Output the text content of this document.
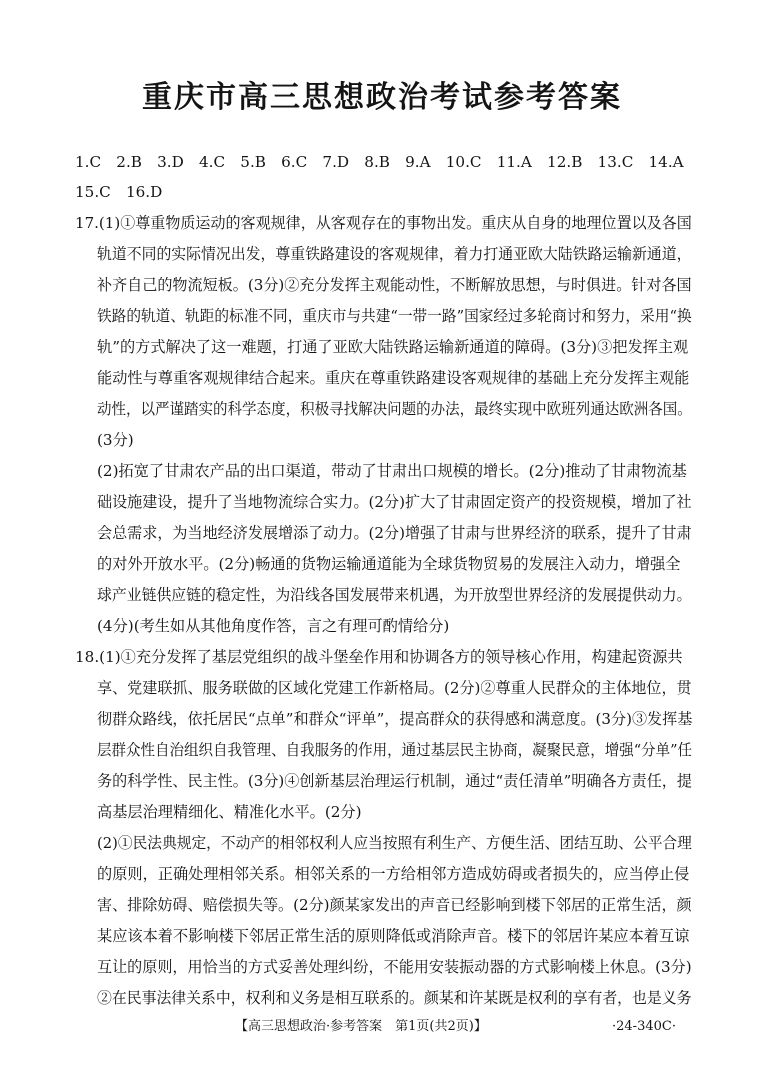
重庆市高三思想政治考试参考答案
1.C　2.B　3.D　4.C　5.B　6.C　7.D　8.B　9.A　10.C　11.A　12.B　13.C　14.A
15.C　16.D
17.(1)①尊重物质运动的客观规律，从客观存在的事物出发。重庆从自身的地理位置以及各国
轨道不同的实际情况出发，尊重铁路建设的客观规律，着力打通亚欧大陆铁路运输新通道，
补齐自己的物流短板。(3分)②充分发挥主观能动性，不断解放思想，与时俱进。针对各国
铁路的轨道、轨距的标准不同，重庆市与共建“一带一路”国家经过多轮商讨和努力，采用“换
轨”的方式解决了这一难题，打通了亚欧大陆铁路运输新通道的障碍。(3分)③把发挥主观
能动性与尊重客观规律结合起来。重庆在尊重铁路建设客观规律的基础上充分发挥主观能
动性，以严谨踏实的科学态度，积极寻找解决问题的办法，最终实现中欧班列通达欧洲各国。
(3分)
(2)拓宽了甘肃农产品的出口渠道，带动了甘肃出口规模的增长。(2分)推动了甘肃物流基
础设施建设，提升了当地物流综合实力。(2分)扩大了甘肃固定资产的投资规模，增加了社
会总需求，为当地经济发展增添了动力。(2分)增强了甘肃与世界经济的联系，提升了甘肃
的对外开放水平。(2分)畅通的货物运输通道能为全球货物贸易的发展注入动力，增强全
球产业链供应链的稳定性，为沿线各国发展带来机遇，为开放型世界经济的发展提供动力。
(4分)(考生如从其他角度作答，言之有理可酌情给分)
18.(1)①充分发挥了基层党组织的战斗堡垒作用和协调各方的领导核心作用，构建起资源共
享、党建联抓、服务联做的区域化党建工作新格局。(2分)②尊重人民群众的主体地位，贯
彻群众路线，依托居民“点单”和群众“评单”，提高群众的获得感和满意度。(3分)③发挥基
层群众性自治组织自我管理、自我服务的作用，通过基层民主协商，凝聚民意，增强“分单”任
务的科学性、民主性。(3分)④创新基层治理运行机制，通过“责任清单”明确各方责任，提
高基层治理精细化、精准化水平。(2分)
(2)①民法典规定，不动产的相邻权利人应当按照有利生产、方便生活、团结互助、公平合理
的原则，正确处理相邻关系。相邻关系的一方给相邻方造成妨碍或者损失的，应当停止侵
害、排除妨碍、赔偿损失等。(2分)颜某家发出的声音已经影响到楼下邻居的正常生活，颜
某应该本着不影响楼下邻居正常生活的原则降低或消除声音。楼下的邻居许某应本着互谅
互让的原则，用恰当的方式妥善处理纠纷，不能用安装振动器的方式影响楼上休息。(3分)
②在民事法律关系中，权利和义务是相互联系的。颜某和许某既是权利的享有者，也是义务
【高三思想政治·参考答案　第1页(共2页)】	·24-340C·
